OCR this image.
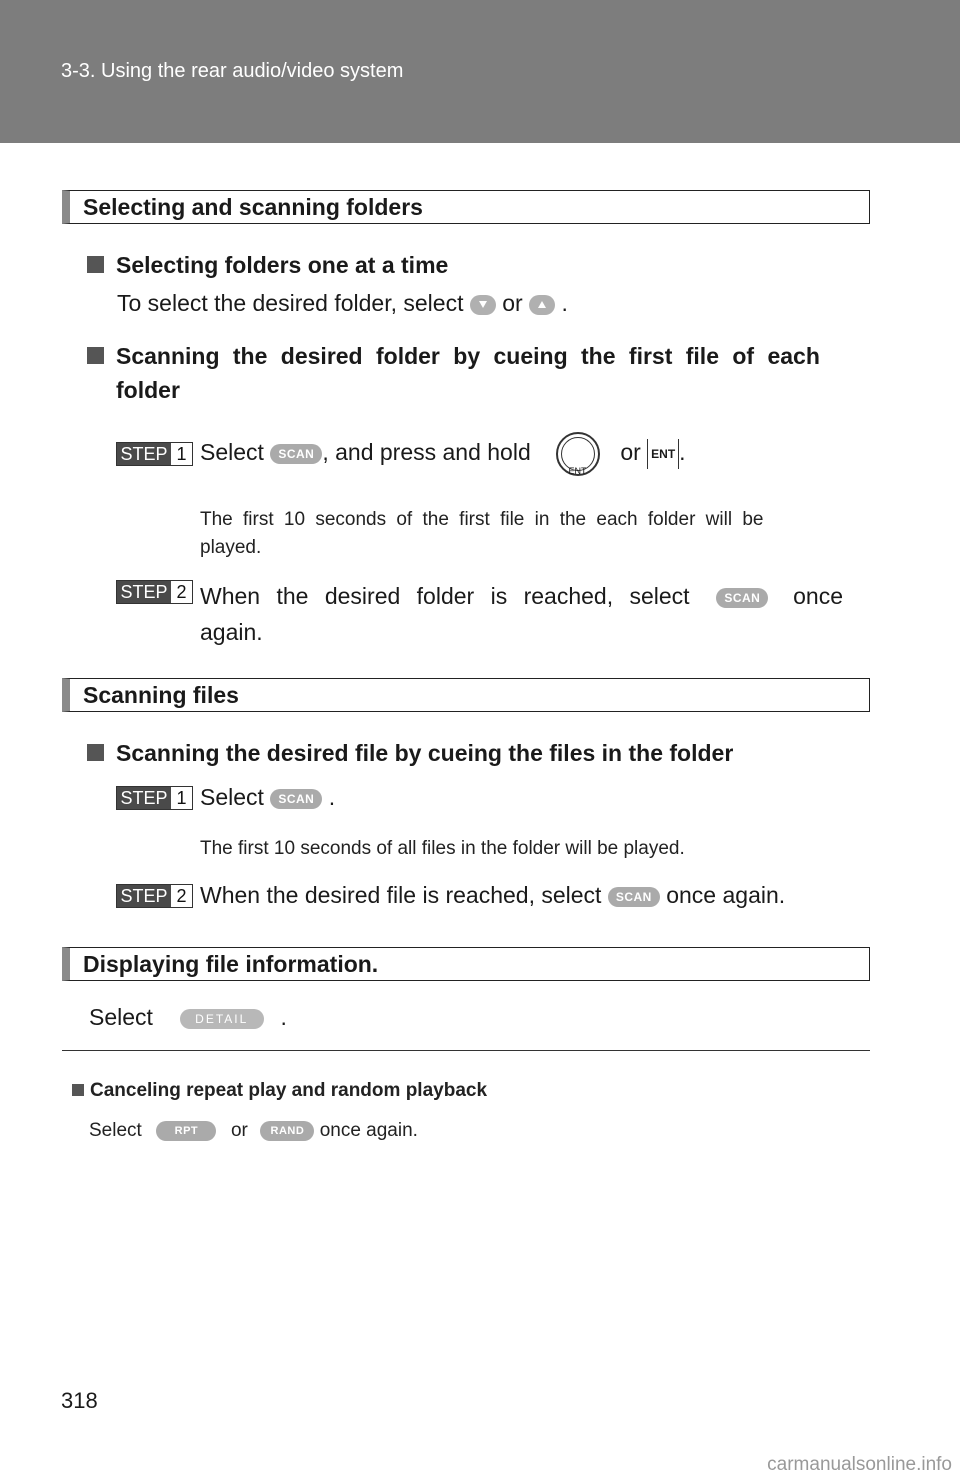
3-3. Using the rear audio/video system
Selecting and scanning folders
Selecting folders one at a time
To select the desired folder, select or .
Scanning the desired folder by cueing the first file of each
folder
STEP 1 Select SCAN , and press and hold
ENT
or ENT .
The first 10 seconds of the first file in the each folder will be
played.
STEP 2 When the desired folder is reached, select	SCAN once
again.
Scanning files
Scanning the desired file by cueing the files in the folder
STEP 1 Select SCAN .
The first 10 seconds of all files in the folder will be played.
STEP 2 When the desired file is reached, select SCAN once again.
Displaying file information.
Select	DETAIL .
Canceling repeat play and random playback
Select	RPT or RAND once again.
318
carmanualsonline.info
